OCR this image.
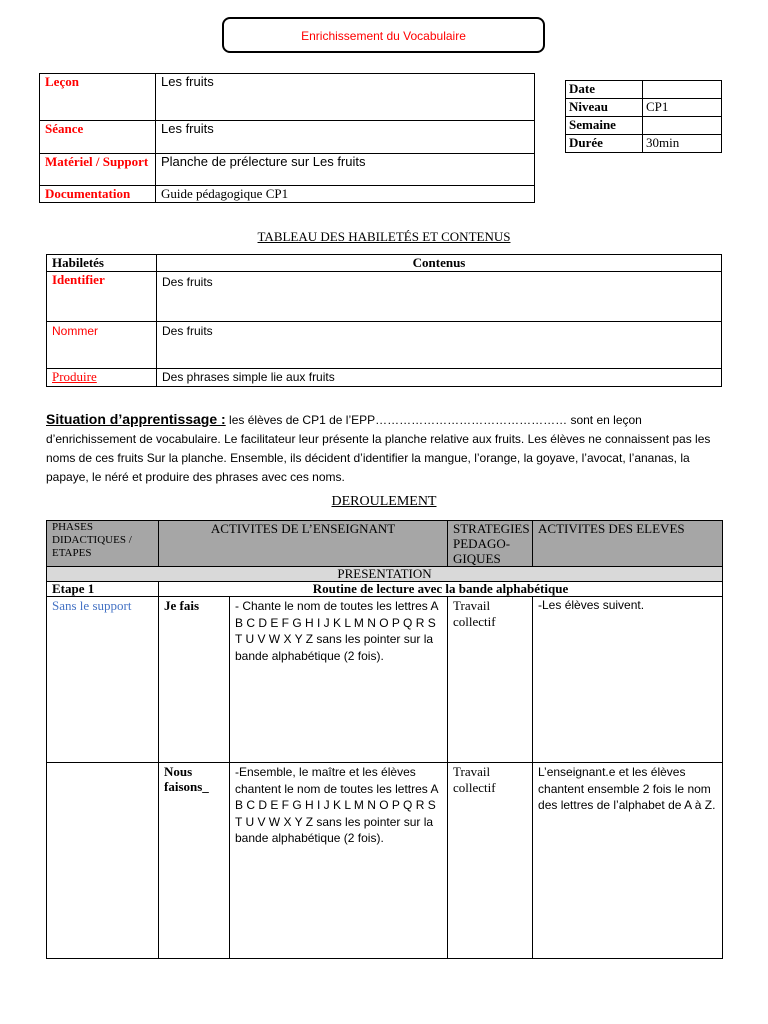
Enrichissement du Vocabulaire
Leçon	Les fruits
Séance	Les fruits
Matériel / Support	Planche de prélecture sur Les fruits
Documentation	Guide pédagogique CP1
Date	
Niveau	CP1
Semaine	
Durée	30min
TABLEAU DES HABILETÉS ET CONTENUS
Habiletés	Contenus
Identifier	Des fruits
Nommer	Des fruits
Produire	Des phrases simple lie aux fruits
Situation d’apprentissage : les élèves de CP1 de l’EPP………………………………………… sont en leçon d’enrichissement de vocabulaire. Le facilitateur leur présente la planche relative aux fruits. Les élèves ne connaissent pas les noms de ces fruits Sur la planche. Ensemble, ils décident d’identifier la mangue, l’orange, la goyave, l’avocat, l’ananas, la papaye, le néré et produire des phrases avec ces noms.
DEROULEMENT
PHASES DIDACTIQUES / ETAPES	ACTIVITES DE L’ENSEIGNANT		STRATEGIES PEDAGO-GIQUES	ACTIVITES DES ELEVES
PRESENTATION				
Etape 1	Routine de lecture avec la bande alphabétique			
Sans le support	Je fais	- Chante le nom de toutes les lettres A B C D E F G H I J K L M N O P Q R S T U V W X Y Z sans les pointer sur la bande alphabétique (2 fois).	Travail collectif	-Les élèves suivent.
	Nous faisons_	-Ensemble, le maître et les élèves chantent le nom de toutes les lettres A B C D E F G H I J K L M N O P Q R S T U V W X Y Z sans les pointer sur la bande alphabétique (2 fois).	Travail collectif	L’enseignant.e et les élèves chantent ensemble 2 fois le nom des lettres de l’alphabet de A à Z.
